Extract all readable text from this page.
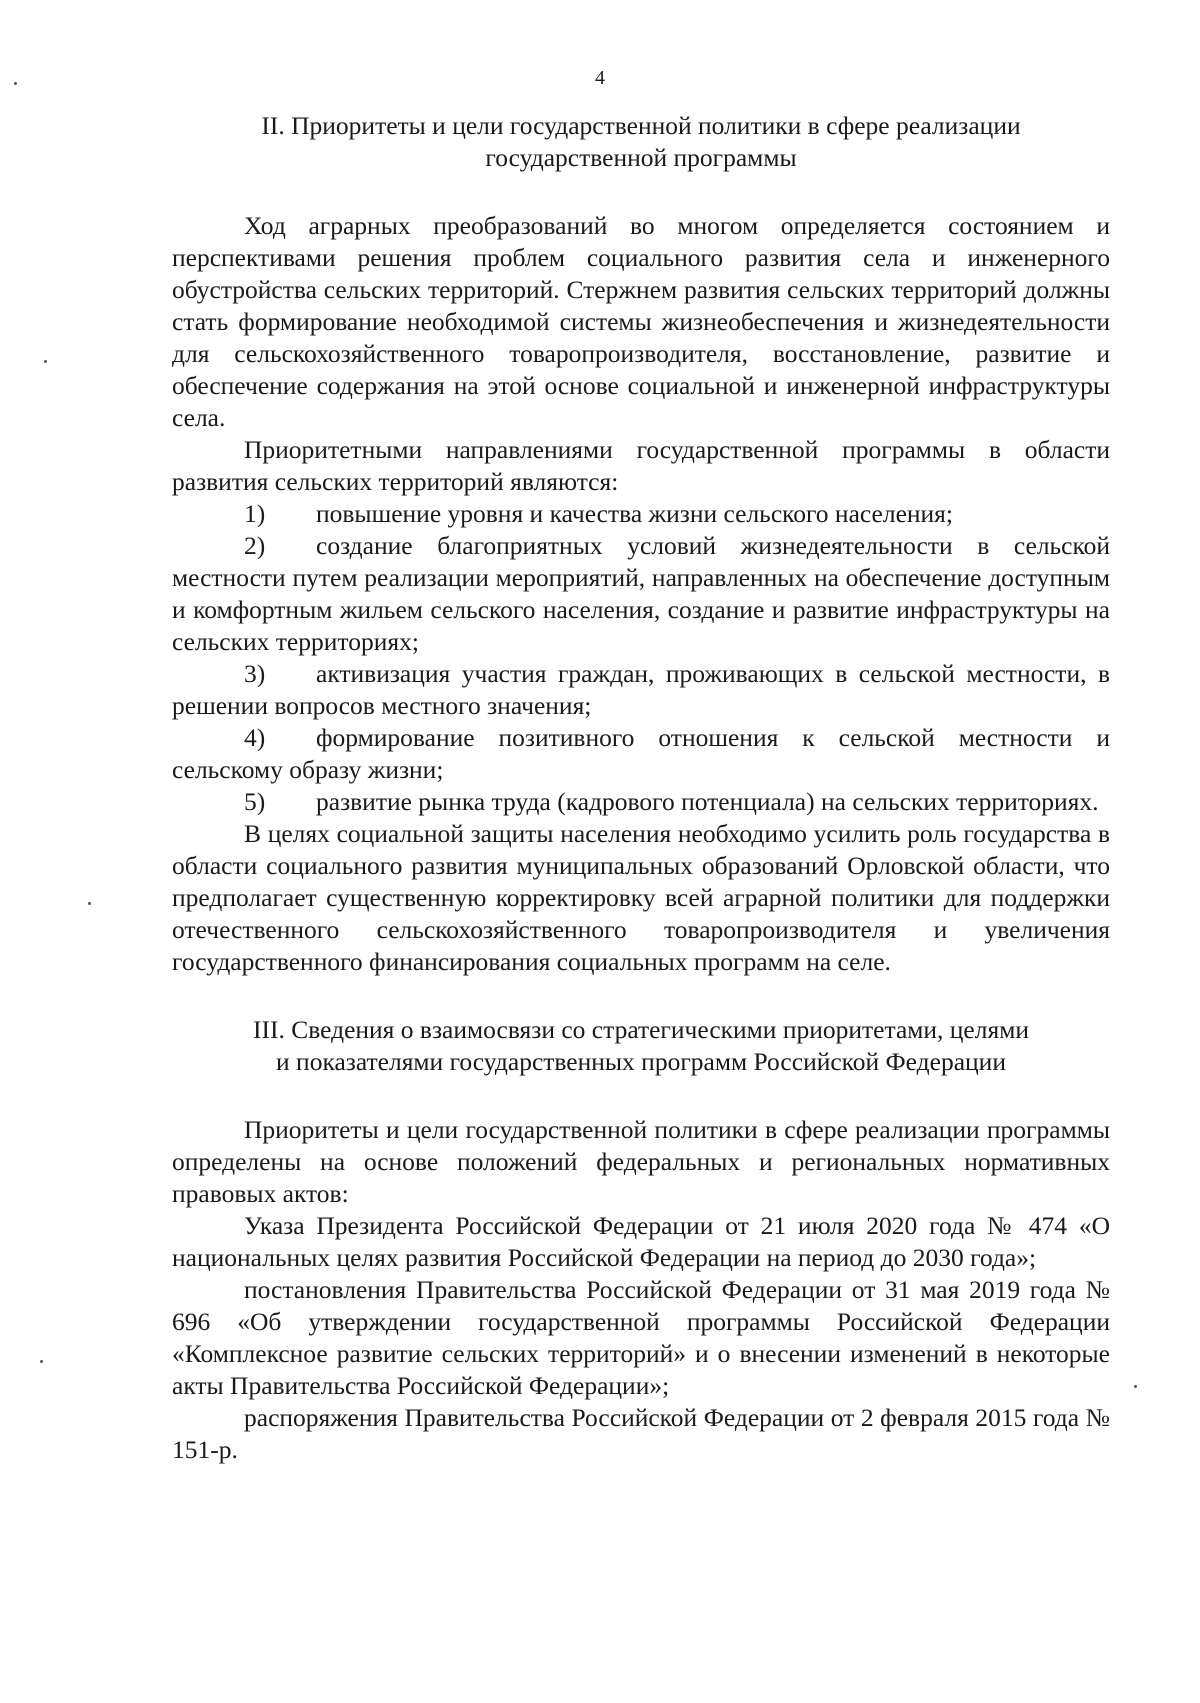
4
II. Приоритеты и цели государственной политики в сфере реализации
государственной программы

Ход аграрных преобразований во многом определяется состоянием и перспективами решения проблем социального развития села и инженерного обустройства сельских территорий. Стержнем развития сельских территорий должны стать формирование необходимой системы жизнеобеспечения и жизнедеятельности для сельскохозяйственного товаропроизводителя, восстановление, развитие и обеспечение содержания на этой основе социальной и инженерной инфраструктуры села.

Приоритетными направлениями государственной программы в области развития сельских территорий являются:

1) повышение уровня и качества жизни сельского населения;

2) создание благоприятных условий жизнедеятельности в сельской местности путем реализации мероприятий, направленных на обеспечение доступным и комфортным жильем сельского населения, создание и развитие инфраструктуры на сельских территориях;

3) активизация участия граждан, проживающих в сельской местности, в решении вопросов местного значения;

4) формирование позитивного отношения к сельской местности и сельскому образу жизни;

5) развитие рынка труда (кадрового потенциала) на сельских территориях.

В целях социальной защиты населения необходимо усилить роль государства в области социального развития муниципальных образований Орловской области, что предполагает существенную корректировку всей аграрной политики для поддержки отечественного сельскохозяйственного товаропроизводителя и увеличения государственного финансирования социальных программ на селе.

III. Сведения о взаимосвязи со стратегическими приоритетами, целями
и показателями государственных программ Российской Федерации

Приоритеты и цели государственной политики в сфере реализации программы определены на основе положений федеральных и региональных нормативных правовых актов:

Указа Президента Российской Федерации от 21 июля 2020 года № 474 «О национальных целях развития Российской Федерации на период до 2030 года»;

постановления Правительства Российской Федерации от 31 мая 2019 года № 696 «Об утверждении государственной программы Российской Федерации «Комплексное развитие сельских территорий» и о внесении изменений в некоторые акты Правительства Российской Федерации»;

распоряжения Правительства Российской Федерации от 2 февраля 2015 года № 151-р.
